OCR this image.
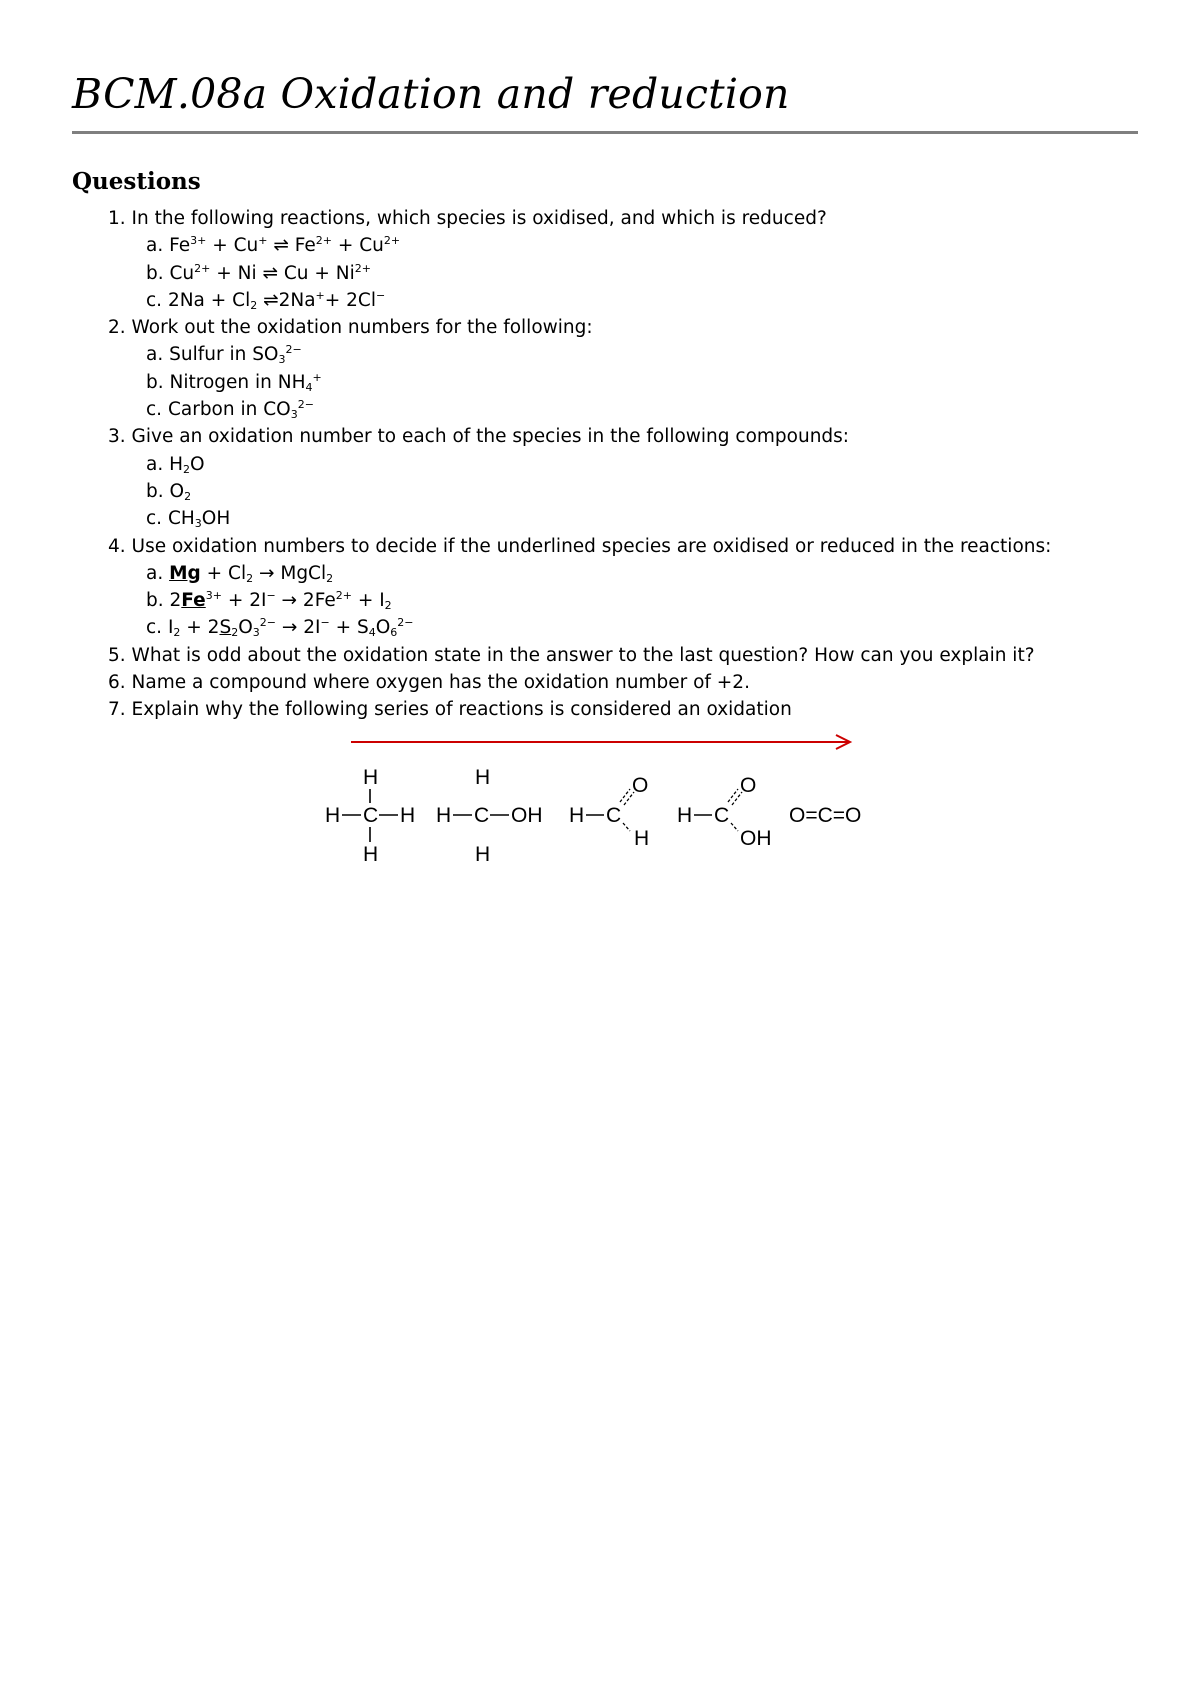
BCM.08a Oxidation and reduction
Questions
1. In the following reactions, which species is oxidised, and which is reduced?
a. $Fe^{3+} + Cu^+$ ⇌ $Fe^{2+} + Cu^{2+}$
b. $Cu^{2+} + Ni$ ⇌ $Cu + Ni^{2+}$
c. $2Na + Cl_2$ ⇌2Na++ 2Cl−
2. Work out the oxidation numbers for the following:
a. Sulfur in $SO_3^{2-}$
b. Nitrogen in $NH_4^+$
c. Carbon in $CO_3^{2-}$
3. Give an oxidation number to each of the species in the following compounds:
a. $H_2O$
b. $O_2$
c. $CH_3OH$
4. Use oxidation numbers to decide if the underlined species are oxidised or reduced in the reactions:
a. $Mg + Cl_2$ → MgCl$_2$
b. $2Fe^{3+} + 2I^- \to 2Fe^{2+} + I_2$
c. $I_2 + 2S_2O_3^{2-} \to 2I^- + S_4O_6^{2-}$
5. What is odd about the oxidation state in the answer to the last question? How can you explain it?
6. Name a compound where oxygen has the oxidation number of +2.
7. Explain why the following series of reactions is considered an oxidation
H
H C H
H
H
H C OH
H
H C
O
H
H C
O
OH
O=C=O
